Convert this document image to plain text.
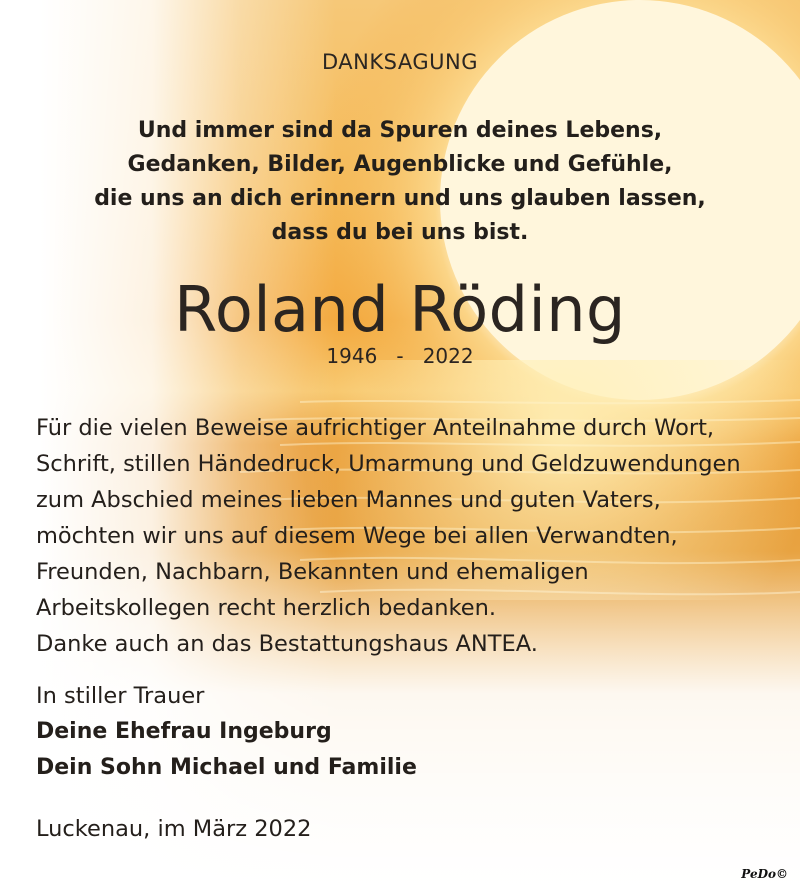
DANKSAGUNG
Und immer sind da Spuren deines Lebens,
Gedanken, Bilder, Augenblicke und Gefühle,
die uns an dich erinnern und uns glauben lassen,
dass du bei uns bist.
Roland Röding
1946 - 2022
Für die vielen Beweise aufrichtiger Anteilnahme durch Wort,
Schrift, stillen Händedruck, Umarmung und Geldzuwendungen
zum Abschied meines lieben Mannes und guten Vaters,
möchten wir uns auf diesem Wege bei allen Verwandten,
Freunden, Nachbarn, Bekannten und ehemaligen
Arbeitskollegen recht herzlich bedanken.
Danke auch an das Bestattungshaus ANTEA.
In stiller Trauer
Deine Ehefrau Ingeburg
Dein Sohn Michael und Familie
Luckenau, im März 2022
PeDo©
